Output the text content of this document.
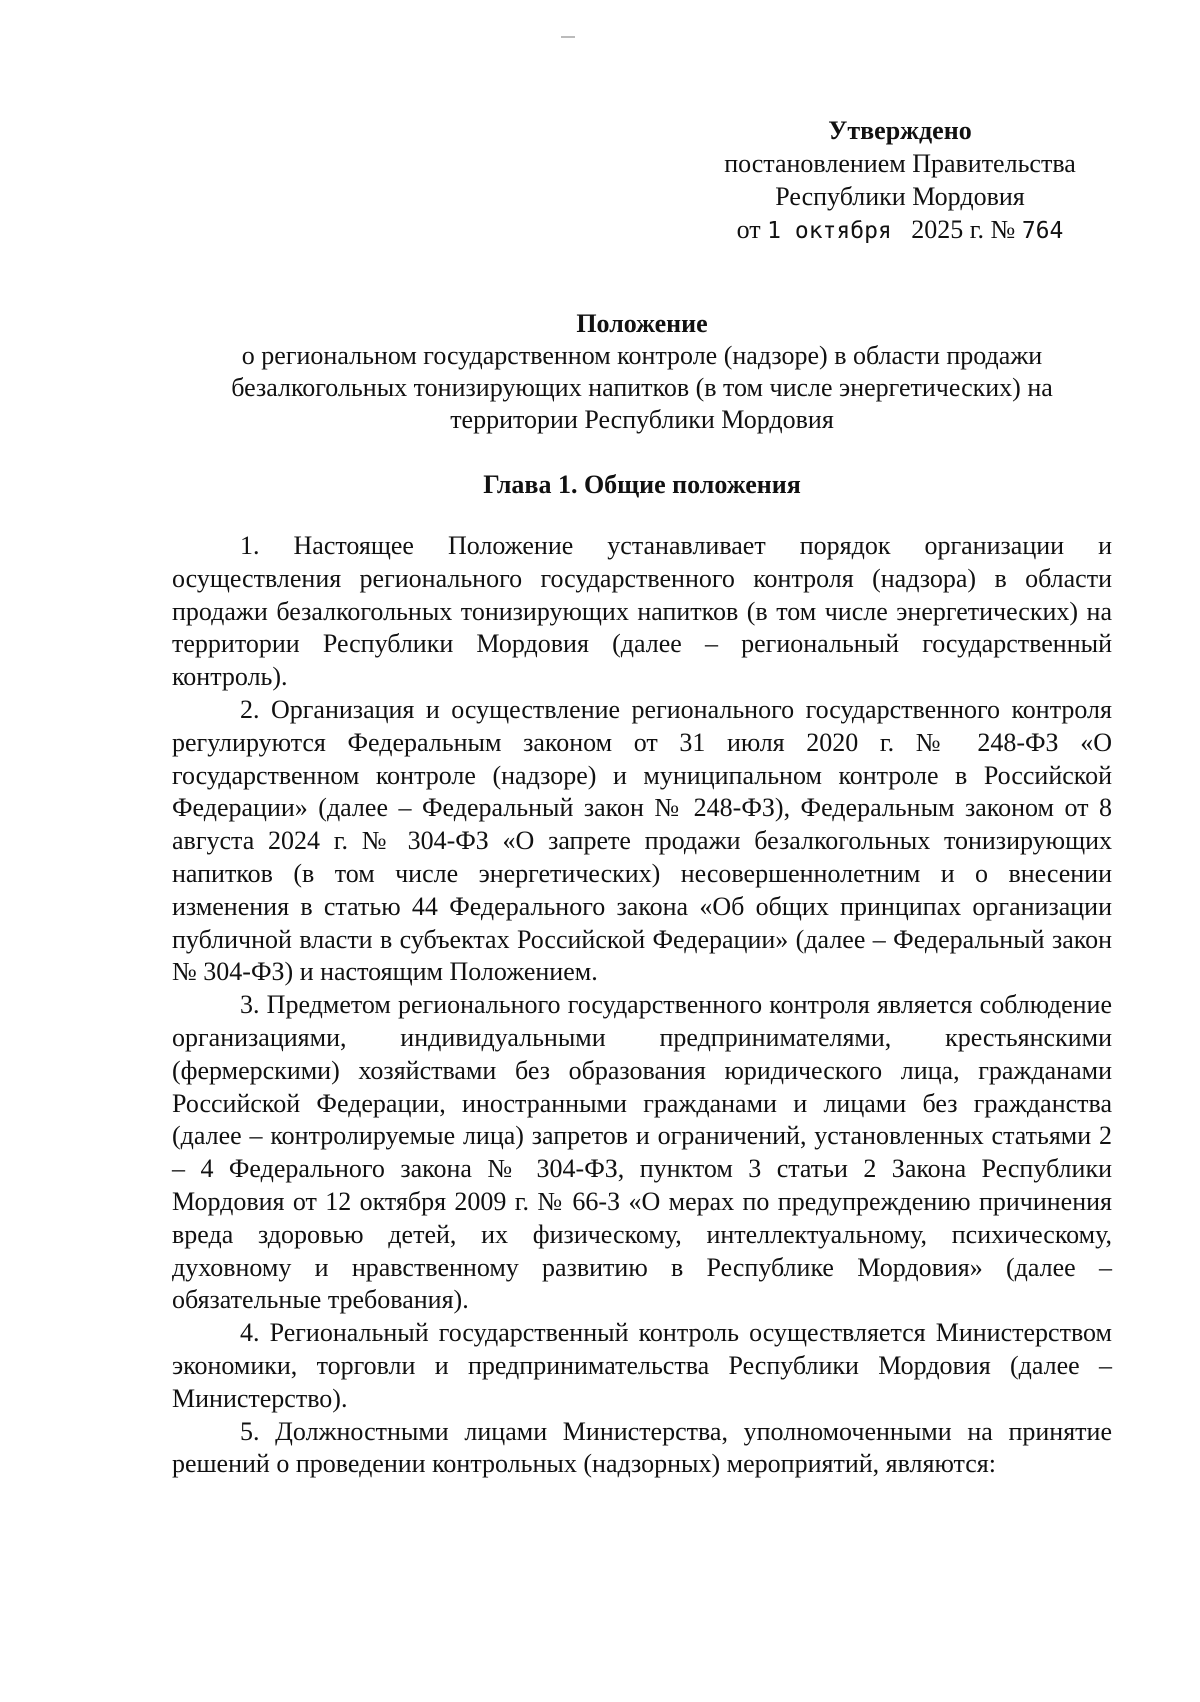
Утверждено
постановлением Правительства
Республики Мордовия
от 1 октября 2025 г. № 764
Положение
о региональном государственном контроле (надзоре) в области продажи безалкогольных тонизирующих напитков (в том числе энергетических) на территории Республики Мордовия
Глава 1. Общие положения

1. Настоящее Положение устанавливает порядок организации и осуществления регионального государственного контроля (надзора) в области продажи безалкогольных тонизирующих напитков (в том числе энергетических) на территории Республики Мордовия (далее – региональный государственный контроль).

2. Организация и осуществление регионального государственного контроля регулируются Федеральным законом от 31 июля 2020 г. № 248-ФЗ «О государственном контроле (надзоре) и муниципальном контроле в Российской Федерации» (далее – Федеральный закон № 248-ФЗ), Федеральным законом от 8 августа 2024 г. № 304-ФЗ «О запрете продажи безалкогольных тонизирующих напитков (в том числе энергетических) несовершеннолетним и о внесении изменения в статью 44 Федерального закона «Об общих принципах организации публичной власти в субъектах Российской Федерации» (далее – Федеральный закон № 304-ФЗ) и настоящим Положением.

3. Предметом регионального государственного контроля является соблюдение организациями, индивидуальными предпринимателями, крестьянскими (фермерскими) хозяйствами без образования юридического лица, гражданами Российской Федерации, иностранными гражданами и лицами без гражданства (далее – контролируемые лица) запретов и ограничений, установленных статьями 2 – 4 Федерального закона № 304-ФЗ, пунктом 3 статьи 2 Закона Республики Мордовия от 12 октября 2009 г. № 66-З «О мерах по предупреждению причинения вреда здоровью детей, их физическому, интеллектуальному, психическому, духовному и нравственному развитию в Республике Мордовия» (далее – обязательные требования).

4. Региональный государственный контроль осуществляется Министерством экономики, торговли и предпринимательства Республики Мордовия (далее – Министерство).

5. Должностными лицами Министерства, уполномоченными на принятие решений о проведении контрольных (надзорных) мероприятий, являются:
